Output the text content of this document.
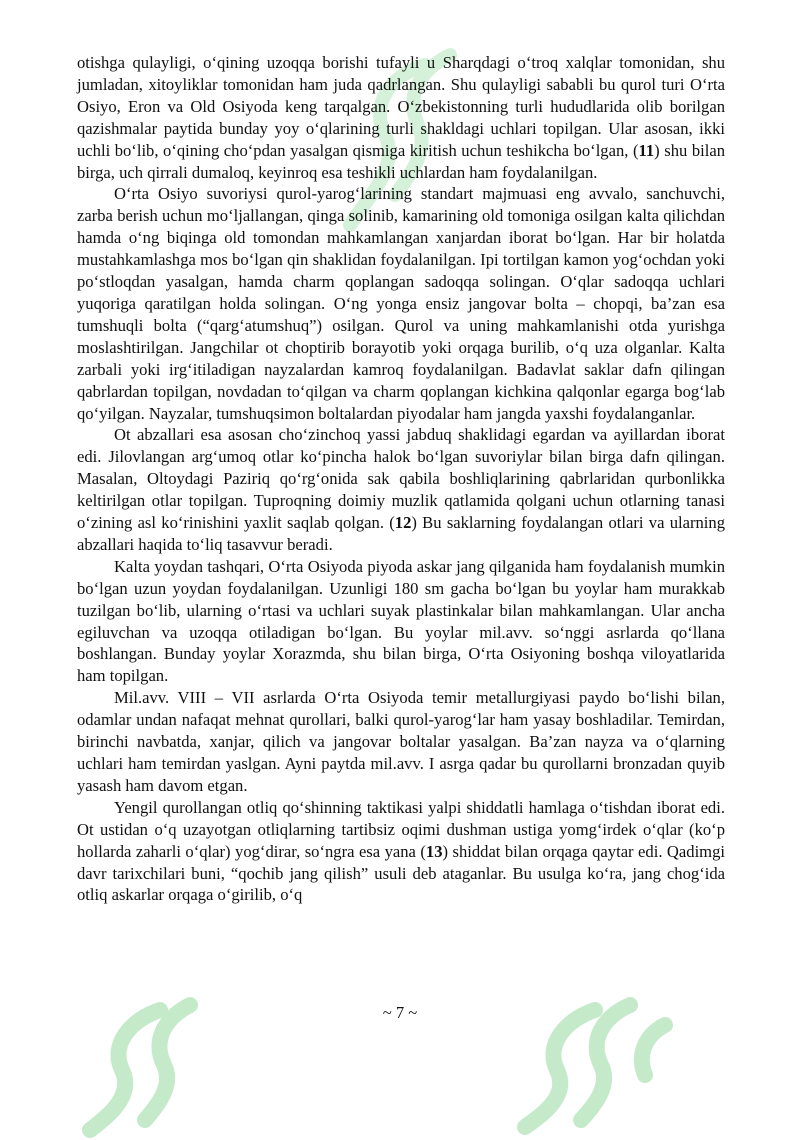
otishga qulayligi, o‘qining uzoqqa borishi tufayli u Sharqdagi o‘troq xalqlar tomonidan, shu jumladan, xitoyliklar tomonidan ham juda qadrlangan. Shu qulayligi sababli bu qurol turi O‘rta Osiyo, Eron va Old Osiyoda keng tarqalgan. O‘zbekistonning turli hududlarida olib borilgan qazishmalar paytida bunday yoy o‘qlarining turli shakldagi uchlari topilgan. Ular asosan, ikki uchli bo‘lib, o‘qining cho‘pdan yasalgan qismiga kiritish uchun teshikcha bo‘lgan, (11) shu bilan birga, uch qirrali dumaloq, keyinroq esa teshikli uchlardan ham foydalanilgan.

O‘rta Osiyo suvoriysi qurol-yarog‘larining standart majmuasi eng avvalo, sanchuvchi, zarba berish uchun mo‘ljallangan, qinga solinib, kamarining old tomoniga osilgan kalta qilichdan hamda o‘ng biqinga old tomondan mahkamlangan xanjardan iborat bo‘lgan. Har bir holatda mustahkamlashga mos bo‘lgan qin shaklidan foydalanilgan. Ipi tortilgan kamon yog‘ochdan yoki po‘stloqdan yasalgan, hamda charm qoplangan sadoqqa solingan. O‘qlar sadoqqa uchlari yuqoriga qaratilgan holda solingan. O‘ng yonga ensiz jangovar bolta – chopqi, ba’zan esa tumshuqli bolta (“qarg‘atumshuq”) osilgan. Qurol va uning mahkamlanishi otda yurishga moslashtirilgan. Jangchilar ot choptirib borayotib yoki orqaga burilib, o‘q uza olganlar. Kalta zarbali yoki irg‘itiladigan nayzalardan kamroq foydalanilgan. Badavlat saklar dafn qilingan qabrlardan topilgan, novdadan to‘qilgan va charm qoplangan kichkina qalqonlar egarga bog‘lab qo‘yilgan. Nayzalar, tumshuqsimon boltalardan piyodalar ham jangda yaxshi foydalanganlar.

Ot abzallari esa asosan cho‘zinchoq yassi jabduq shaklidagi egardan va ayillardan iborat edi. Jilovlangan arg‘umoq otlar ko‘pincha halok bo‘lgan suvoriylar bilan birga dafn qilingan. Masalan, Oltoydagi Paziriq qo‘rg‘onida sak qabila boshliqlarining qabrlaridan qurbonlikka keltirilgan otlar topilgan. Tuproqning doimiy muzlik qatlamida qolgani uchun otlarning tanasi o‘zining asl ko‘rinishini yaxlit saqlab qolgan. (12) Bu saklarning foydalangan otlari va ularning abzallari haqida to‘liq tasavvur beradi.

Kalta yoydan tashqari, O‘rta Osiyoda piyoda askar jang qilganida ham foydalanish mumkin bo‘lgan uzun yoydan foydalanilgan. Uzunligi 180 sm gacha bo‘lgan bu yoylar ham murakkab tuzilgan bo‘lib, ularning o‘rtasi va uchlari suyak plastinkalar bilan mahkamlangan. Ular ancha egiluvchan va uzoqqa otiladigan bo‘lgan. Bu yoylar mil.avv. so‘nggi asrlarda qo‘llana boshlangan. Bunday yoylar Xorazmda, shu bilan birga, O‘rta Osiyoning boshqa viloyatlarida ham topilgan.

Mil.avv. VIII – VII asrlarda O‘rta Osiyoda temir metallurgiyasi paydo bo‘lishi bilan, odamlar undan nafaqat mehnat qurollari, balki qurol-yarog‘lar ham yasay boshladilar. Temirdan, birinchi navbatda, xanjar, qilich va jangovar boltalar yasalgan. Ba’zan nayza va o‘qlarning uchlari ham temirdan yaslgan. Ayni paytda mil.avv. I asrga qadar bu qurollarni bronzadan quyib yasash ham davom etgan.

Yengil qurollangan otliq qo‘shinning taktikasi yalpi shiddatli hamlaga o‘tishdan iborat edi. Ot ustidan o‘q uzayotgan otliqlarning tartibsiz oqimi dushman ustiga yomg‘irdek o‘qlar (ko‘p hollarda zaharli o‘qlar) yog‘dirar, so‘ngra esa yana (13) shiddat bilan orqaga qaytar edi. Qadimgi davr tarixchilari buni, “qochib jang qilish” usuli deb ataganlar. Bu usulga ko‘ra, jang chog‘ida otliq askarlar orqaga o‘girilib, o‘q

~ 7 ~
